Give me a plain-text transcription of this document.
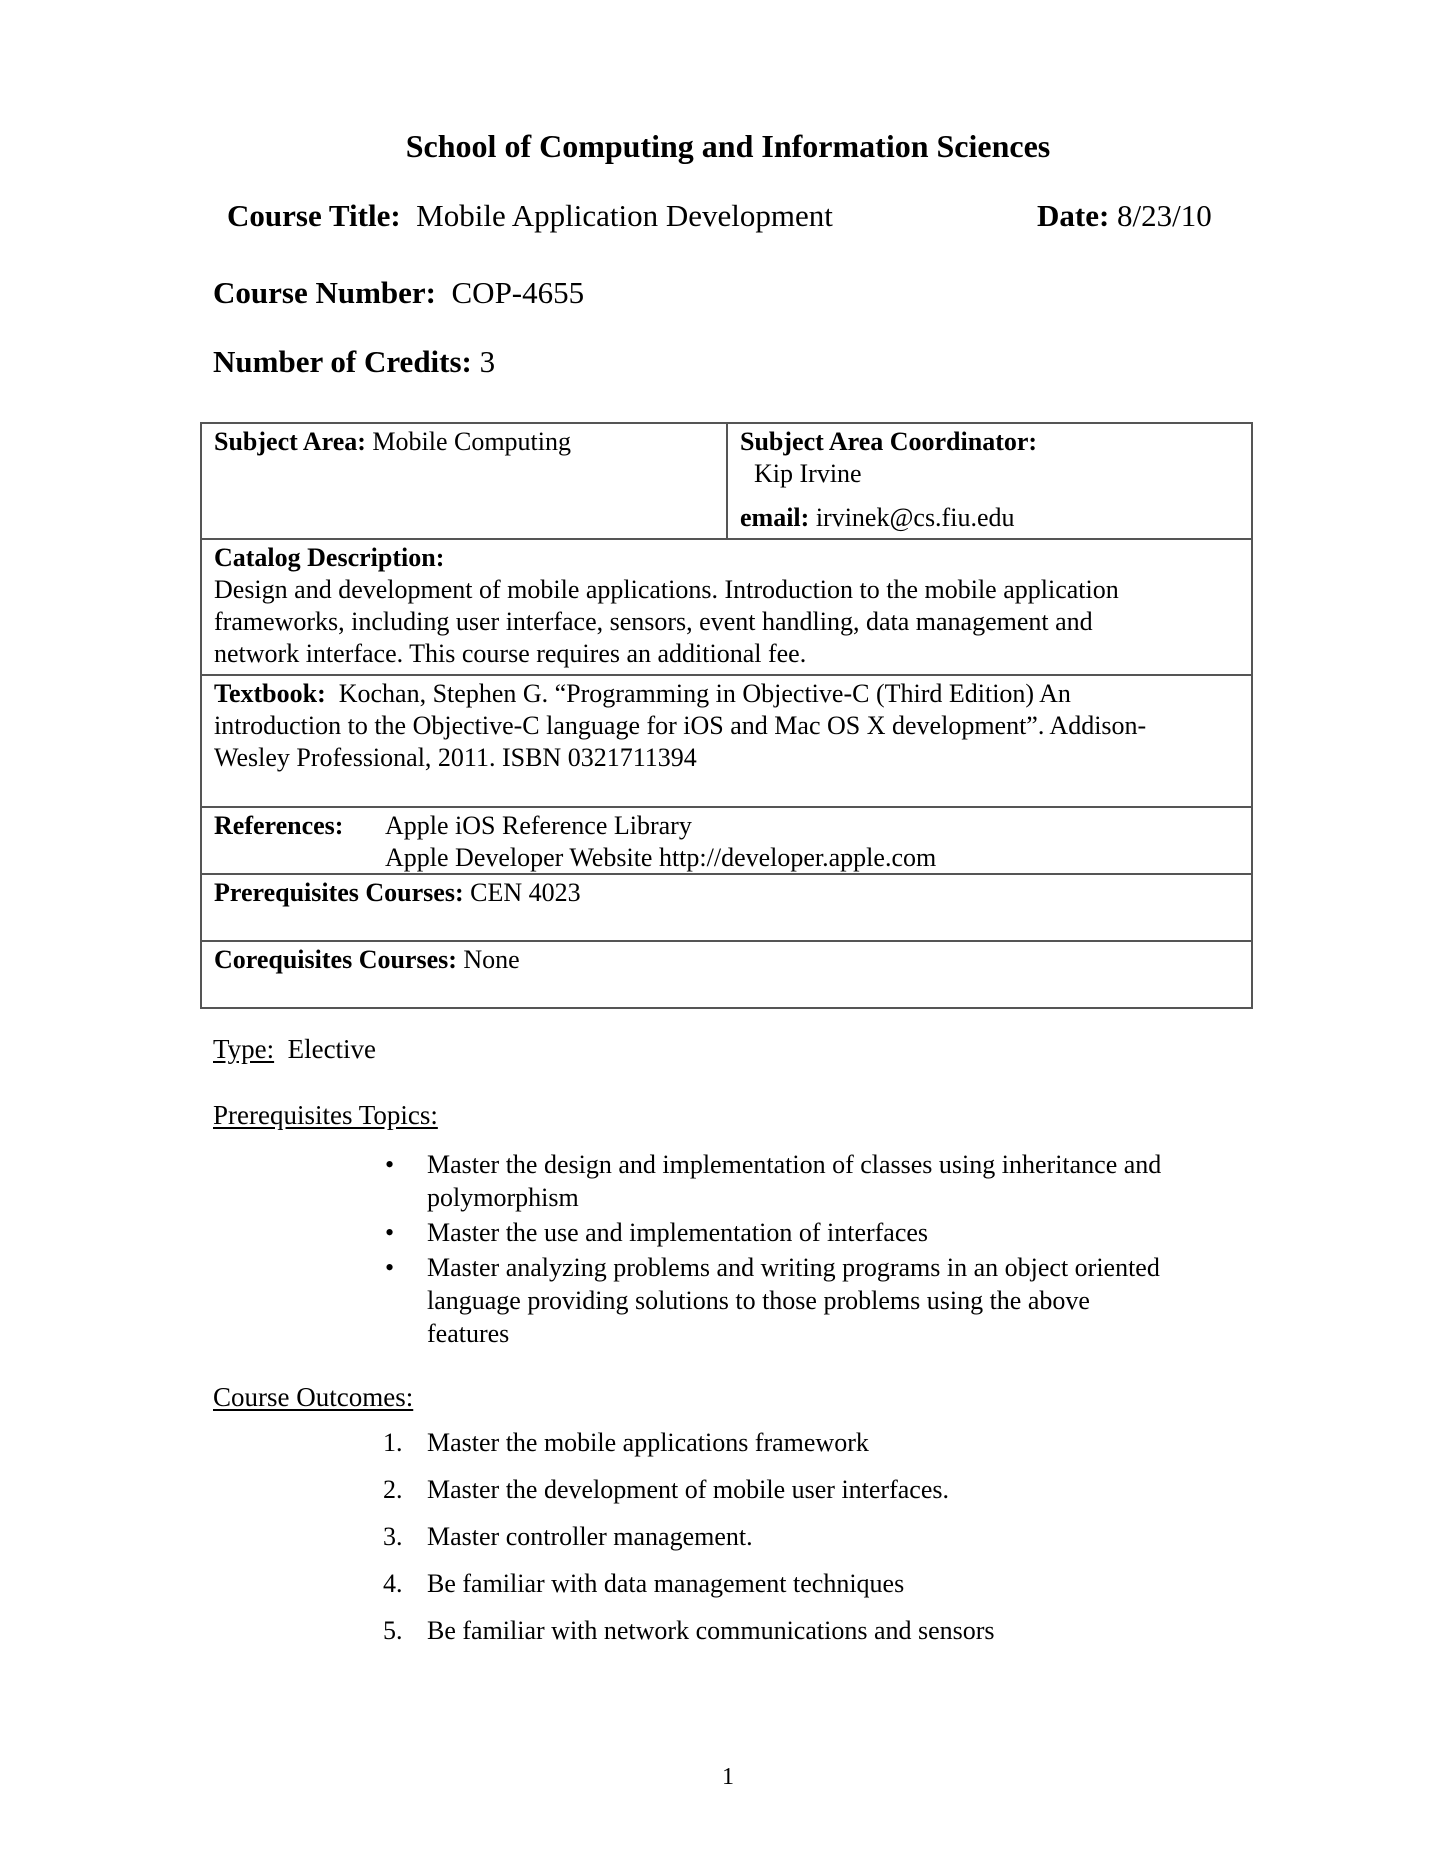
School of Computing and Information Sciences
Course Title: Mobile Application Development	Date: 8/23/10
Course Number: COP-4655
Number of Credits: 3
Subject Area: Mobile Computing	Subject Area Coordinator:
Kip Irvine
email: irvinek@cs.fiu.edu

Catalog Description:
Design and development of mobile applications. Introduction to the mobile application
frameworks, including user interface, sensors, event handling, data management and
network interface. This course requires an additional fee.

Textbook: Kochan, Stephen G. “Programming in Objective-C (Third Edition) An
introduction to the Objective-C language for iOS and Mac OS X development”. Addison-
Wesley Professional, 2011. ISBN 0321711394

References: Apple iOS Reference Library
Apple Developer Website http://developer.apple.com

Prerequisites Courses: CEN 4023
Corequisites Courses: None
Type: Elective
Prerequisites Topics:
• Master the design and implementation of classes using inheritance and
polymorphism
• Master the use and implementation of interfaces
• Master analyzing problems and writing programs in an object oriented
language providing solutions to those problems using the above
features
Course Outcomes:
1. Master the mobile applications framework
2. Master the development of mobile user interfaces.
3. Master controller management.
4. Be familiar with data management techniques
5. Be familiar with network communications and sensors
1
